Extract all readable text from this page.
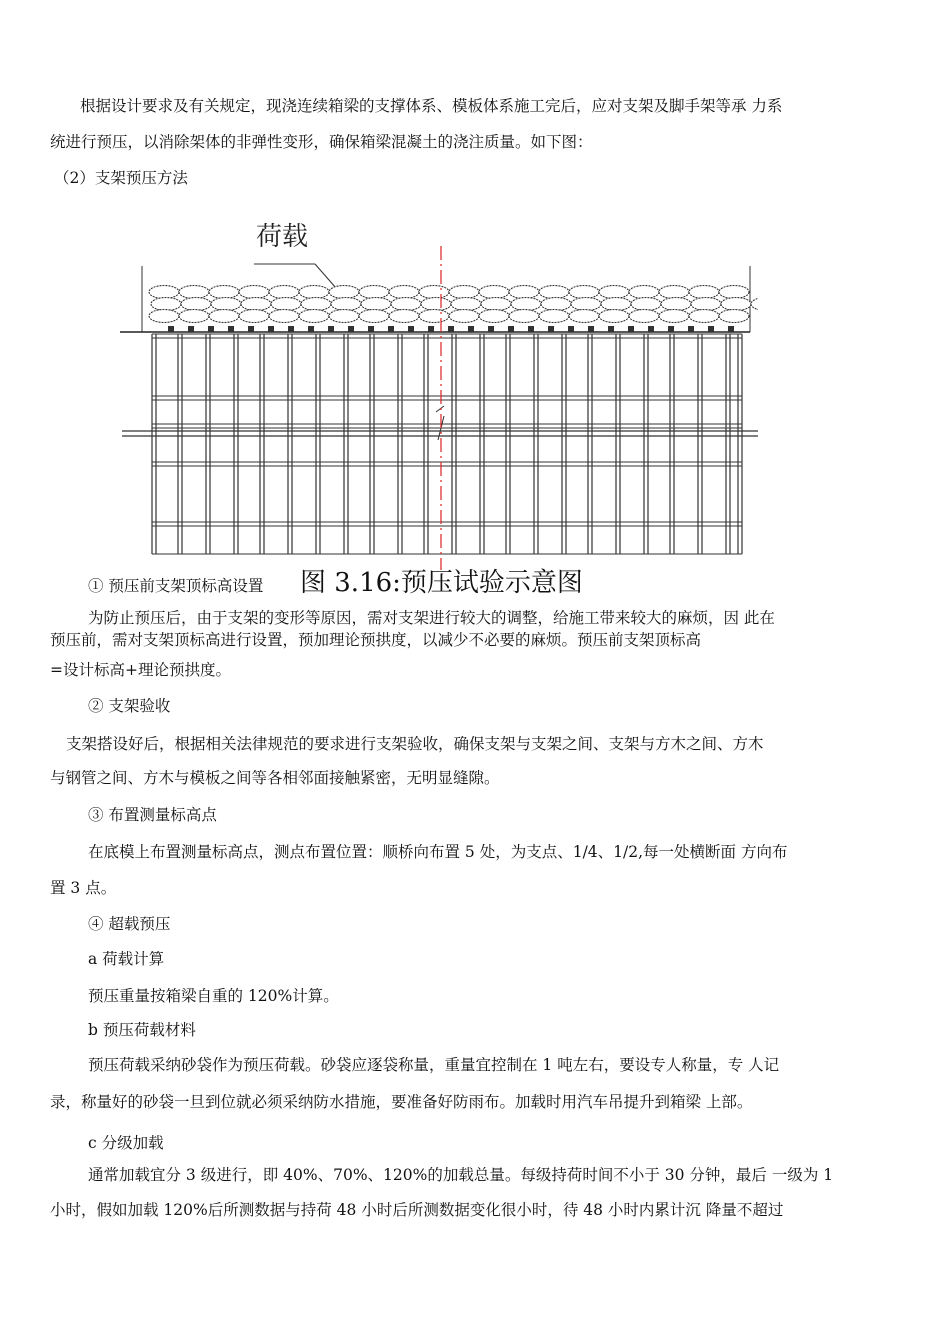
根据设计要求及有关规定，现浇连续箱梁的支撑体系、模板体系施工完后，应对支架及脚手架等承 力系
统进行预压，以消除架体的非弹性变形，确保箱梁混凝土的浇注质量。如下图：
（2）支架预压方法
荷载
① 预压前支架顶标高设置 图 3.16:预压试验示意图
为防止预压后，由于支架的变形等原因，需对支架进行较大的调整，给施工带来较大的麻烦，因 此在
预压前，需对支架顶标高进行设置，预加理论预拱度，以减少不必要的麻烦。预压前支架顶标高
=设计标高+理论预拱度。
② 支架验收
支架搭设好后，根据相关法律规范的要求进行支架验收，确保支架与支架之间、支架与方木之间、方木
与钢管之间、方木与模板之间等各相邻面接触紧密，无明显缝隙。
③ 布置测量标高点
在底模上布置测量标高点，测点布置位置：顺桥向布置 5 处，为支点、1/4、1/2,每一处横断面 方向布
置 3 点。
④ 超载预压
a 荷载计算
预压重量按箱梁自重的 120%计算。
b 预压荷载材料
预压荷载采纳砂袋作为预压荷载。砂袋应逐袋称量，重量宜控制在 1 吨左右，要设专人称量，专 人记
录，称量好的砂袋一旦到位就必须采纳防水措施，要准备好防雨布。加载时用汽车吊提升到箱梁 上部。
c 分级加载
通常加载宜分 3 级进行，即 40%、70%、120%的加载总量。每级持荷时间不小于 30 分钟，最后 一级为 1
小时，假如加载 120%后所测数据与持荷 48 小时后所测数据变化很小时，待 48 小时内累计沉 降量不超过
